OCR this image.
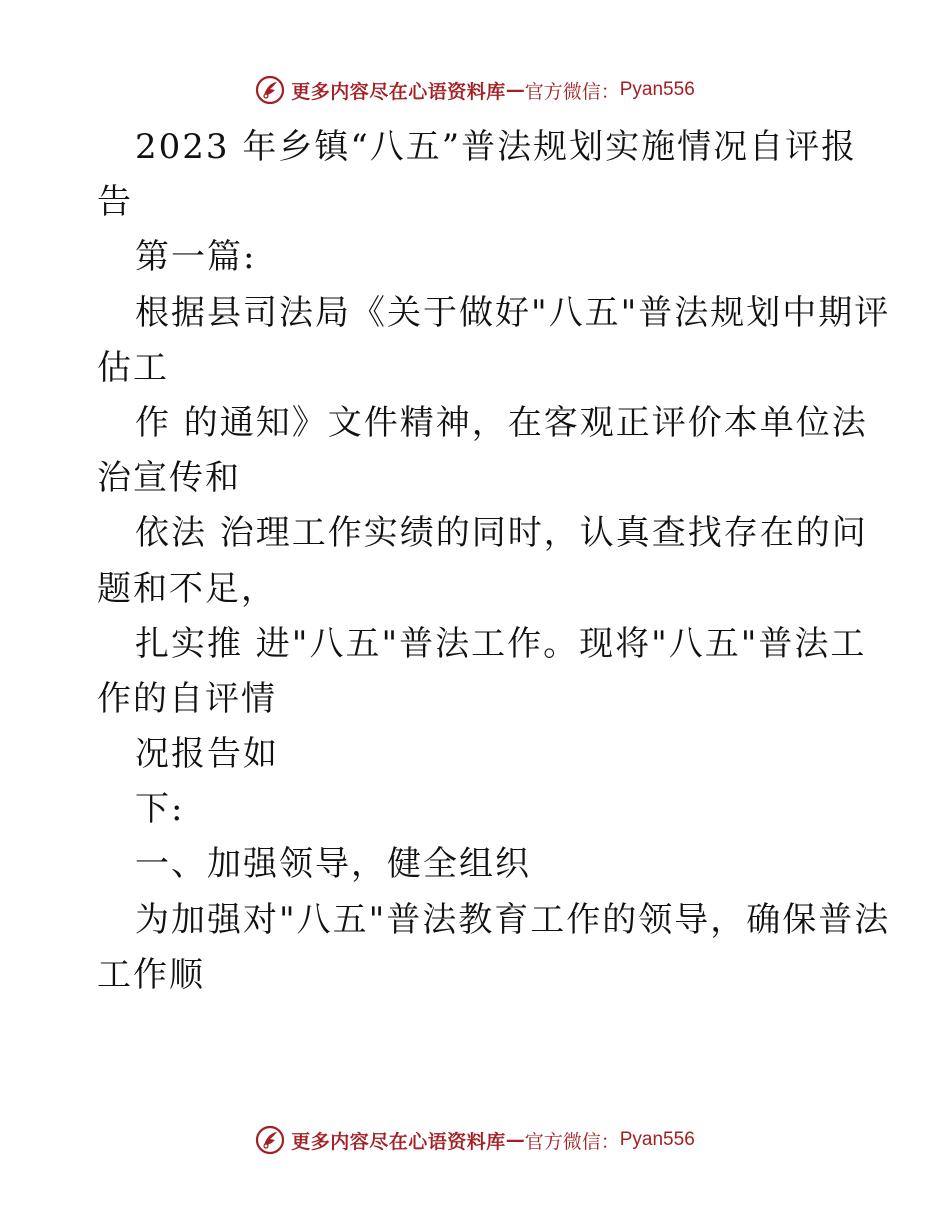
更多内容尽在心语资料库 — 官方微信： Pyan556
2023 年乡镇“八五”普法规划实施情况自评报
告
第一篇:
根据县司法局《关于做好"八五"普法规划中期评
估工
作 的通知》文件精神，在客观正评价本单位法
治宣传和
依法 治理工作实绩的同时，认真查找存在的问
题和不足，
扎实推 进"八五"普法工作。现将"八五"普法工
作的自评情
况报告如
下:
一、加强领导，健全组织
为加强对"八五"普法教育工作的领导，确保普法
工作顺
更多内容尽在心语资料库 — 官方微信： Pyan556
